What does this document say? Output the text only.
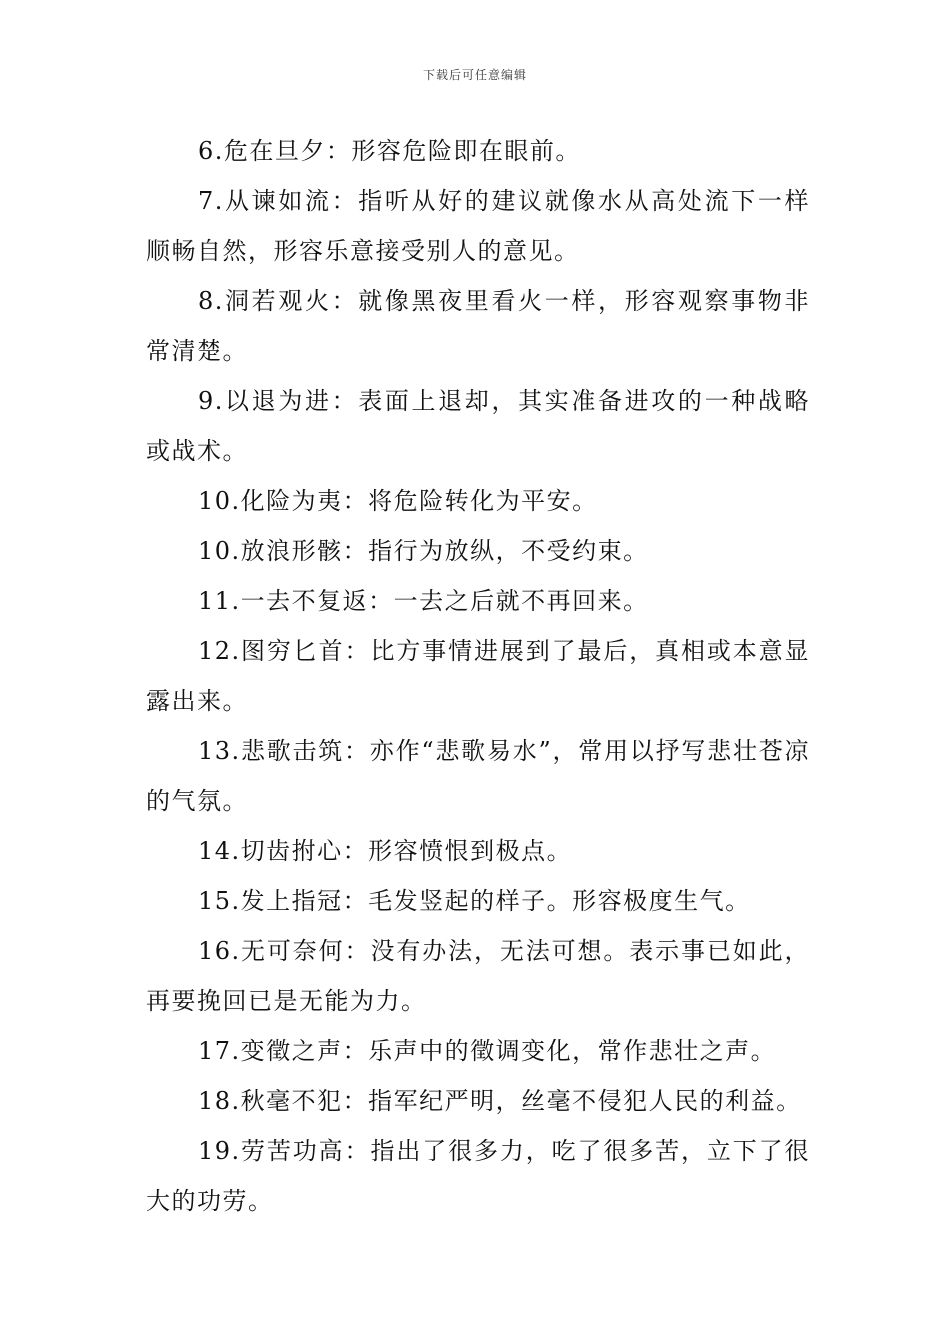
下载后可任意编辑

6.危在旦夕：形容危险即在眼前。

7.从谏如流：指听从好的建议就像水从高处流下一样顺畅自然，形容乐意接受别人的意见。

8.洞若观火：就像黑夜里看火一样，形容观察事物非常清楚。

9.以退为进：表面上退却，其实准备进攻的一种战略或战术。

10.化险为夷：将危险转化为平安。

10.放浪形骸：指行为放纵，不受约束。

11.一去不复返：一去之后就不再回来。

12.图穷匕首：比方事情进展到了最后，真相或本意显露出来。

13.悲歌击筑：亦作“悲歌易水”，常用以抒写悲壮苍凉的气氛。

14.切齿拊心：形容愤恨到极点。

15.发上指冠：毛发竖起的样子。形容极度生气。

16.无可奈何：没有办法，无法可想。表示事已如此，再要挽回已是无能为力。

17.变徵之声：乐声中的徵调变化，常作悲壮之声。

18.秋毫不犯：指军纪严明，丝毫不侵犯人民的利益。

19.劳苦功高：指出了很多力，吃了很多苦，立下了很大的功劳。
